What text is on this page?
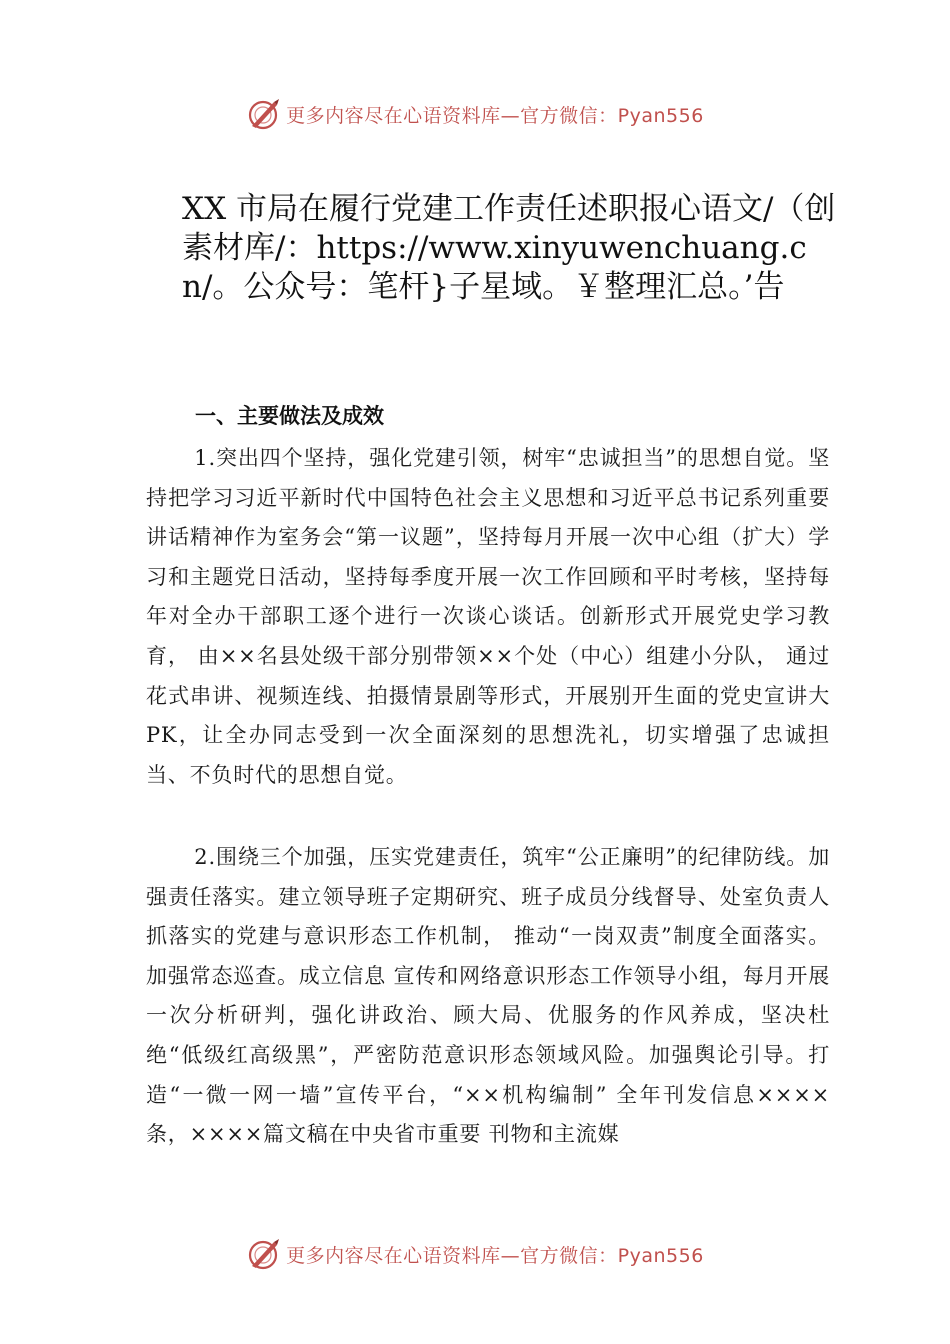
更多内容尽在心语资料库—官方微信：Pyan556
XX 市局在履行党建工作责任述职报心语文/（创素材库/：https://www.xinyuwenchuang.cn/。公众号：笔杆}子星域。￥整理汇总。’告
一、主要做法及成效

1.突出四个坚持，强化党建引领，树牢“忠诚担当”的思想自觉。坚持把学习习近平新时代中国特色社会主义思想和习近平总书记系列重要讲话精神作为室务会“第一议题”，坚持每月开展一次中心组（扩大）学习和主题党日活动，坚持每季度开展一次工作回顾和平时考核，坚持每年对全办干部职工逐个进行一次谈心谈话。创新形式开展党史学习教育， 由××名县处级干部分别带领××个处（中心）组建小分队， 通过花式串讲、视频连线、拍摄情景剧等形式，开展别开生面的党史宣讲大 PK，让全办同志受到一次全面深刻的思想洗礼，切实增强了忠诚担当、不负时代的思想自觉。

2.围绕三个加强，压实党建责任，筑牢“公正廉明”的纪律防线。加强责任落实。建立领导班子定期研究、班子成员分线督导、处室负责人抓落实的党建与意识形态工作机制， 推动“一岗双责”制度全面落实。加强常态巡查。成立信息 宣传和网络意识形态工作领导小组，每月开展一次分析研判，强化讲政治、顾大局、优服务的作风养成，坚决杜绝“低级红高级黑”，严密防范意识形态领域风险。加强舆论引导。打造“一微一网一墙”宣传平台，“××机构编制” 全年刊发信息××××条，××××篇文稿在中央省市重要 刊物和主流媒

更多内容尽在心语资料库—官方微信：Pyan556
